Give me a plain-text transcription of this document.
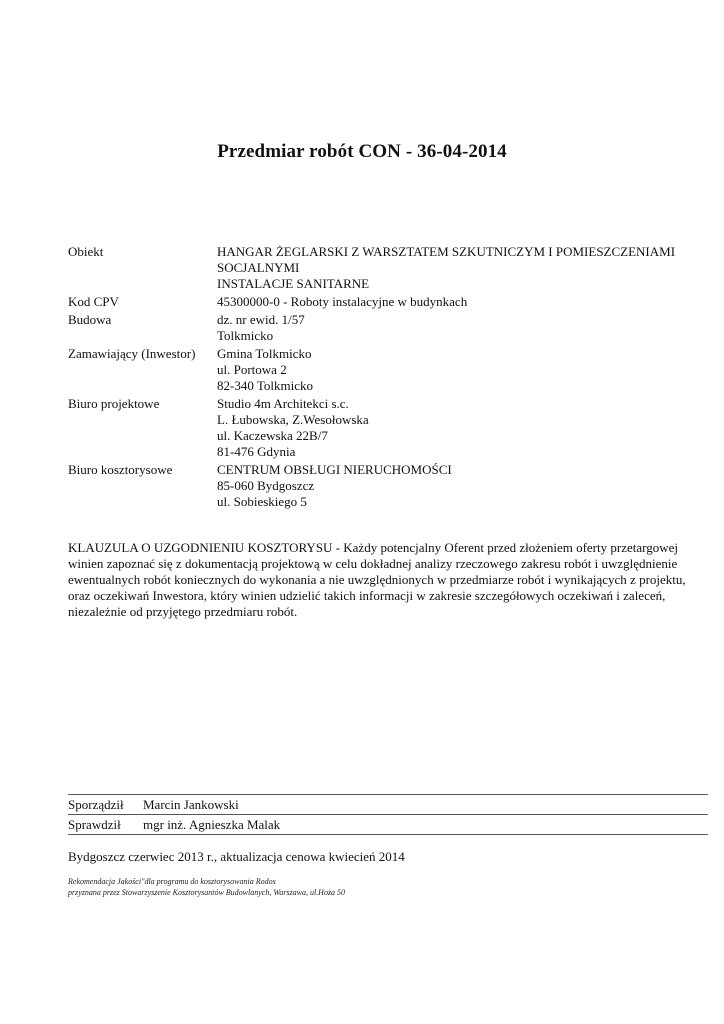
Przedmiar robót CON - 36-04-2014
Obiekt	HANGAR ŻEGLARSKI Z WARSZTATEM SZKUTNICZYM I POMIESZCZENIAMI
SOCJALNYMI
INSTALACJE SANITARNE
Kod CPV	45300000-0 - Roboty instalacyjne w budynkach
Budowa	dz. nr ewid. 1/57
Tolkmicko
Zamawiający (Inwestor)	Gmina Tolkmicko
ul. Portowa 2
82-340 Tolkmicko
Biuro projektowe	Studio 4m Architekci s.c.
L. Łubowska, Z.Wesołowska
ul. Kaczewska 22B/7
81-476 Gdynia
Biuro kosztorysowe	CENTRUM OBSŁUGI NIERUCHOMOŚCI
85-060 Bydgoszcz
ul. Sobieskiego 5
KLAUZULA O UZGODNIENIU KOSZTORYSU - Każdy potencjalny Oferent przed złożeniem oferty przetargowej
winien zapoznać się z dokumentacją projektową w celu dokładnej analizy rzeczowego zakresu robót i uwzględnienie
ewentualnych robót koniecznych do wykonania a nie uwzględnionych w przedmiarze robót i wynikających z projektu,
oraz oczekiwań Inwestora, który winien udzielić takich informacji w zakresie szczegółowych oczekiwań i zaleceń,
niezależnie od przyjętego przedmiaru robót.
Sporządził	Marcin Jankowski
Sprawdził	mgr inż. Agnieszka Malak
Bydgoszcz czerwiec 2013 r., aktualizacja cenowa kwiecień 2014
Rekomendacja Jakości"dla programu do kosztorysowania Rodos
przyznana przez Stowarzyszenie Kosztorysantów Budowlanych, Warszawa, ul.Hoża 50
